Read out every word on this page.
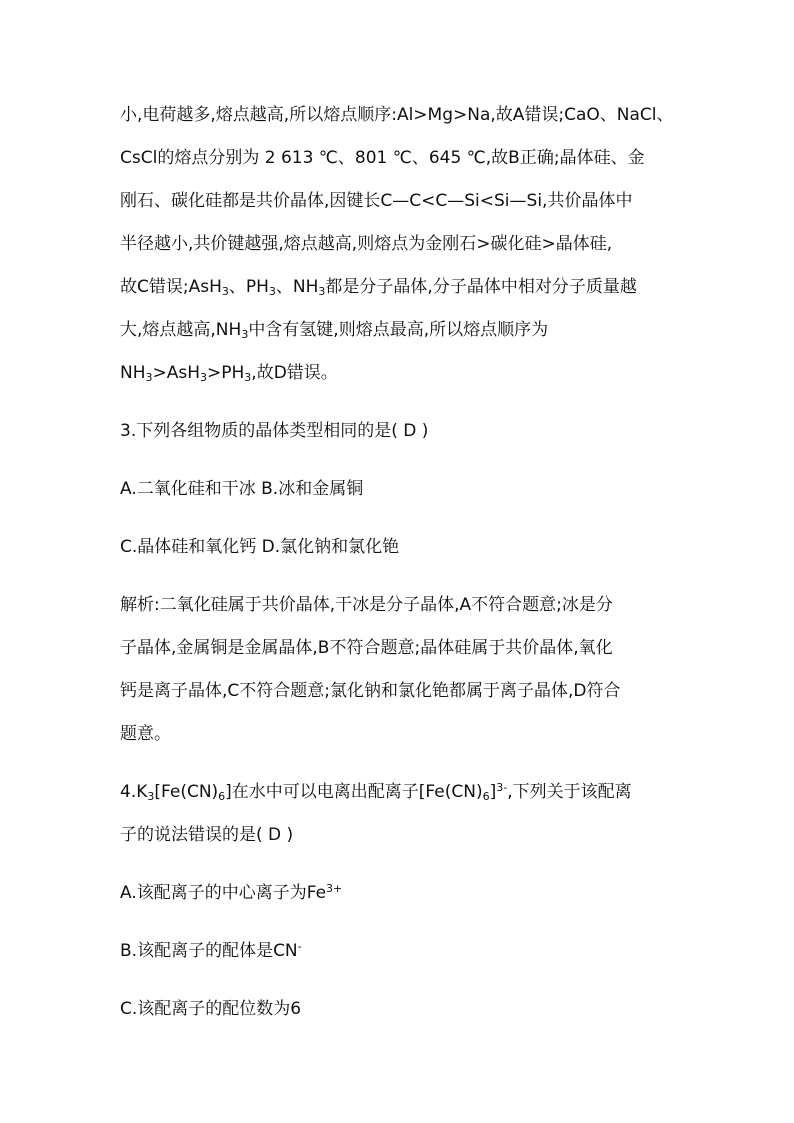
小,电荷越多,熔点越高,所以熔点顺序:Al>Mg>Na,故A错误;CaO、NaCl、
CsCl的熔点分别为 2 613 ℃、801 ℃、645 ℃,故B正确;晶体硅、金
刚石、碳化硅都是共价晶体,因键长C—C<C—Si<Si—Si,共价晶体中
半径越小,共价键越强,熔点越高,则熔点为金刚石>碳化硅>晶体硅,
故C错误;AsH$_3$、$PH_3$、$NH_3$都是分子晶体,分子晶体中相对分子质量越
大,熔点越高$,NH_3$中含有氢键,则熔点最高,所以熔点顺序为
$NH_3>AsH_3>PH_3$,故D错误。
3.下列各组物质的晶体类型相同的是( D )
A.二氧化硅和干冰 B.冰和金属铜
C.晶体硅和氧化钙 D.氯化钠和氯化铯
解析:二氧化硅属于共价晶体,干冰是分子晶体,A不符合题意;冰是分
子晶体,金属铜是金属晶体,B不符合题意;晶体硅属于共价晶体,氧化
钙是离子晶体,C不符合题意;氯化钠和氯化铯都属于离子晶体,D符合
题意。
$4.K_3[Fe(CN)_6]$在水中可以电离出配离子$[Fe(CN)_6]^{3-}$,下列关于该配离
子的说法错误的是( D )
A.该配离子的中心离子为$Fe^{3+}$
B.该配离子的配体是CN-
C.该配离子的配位数为6
